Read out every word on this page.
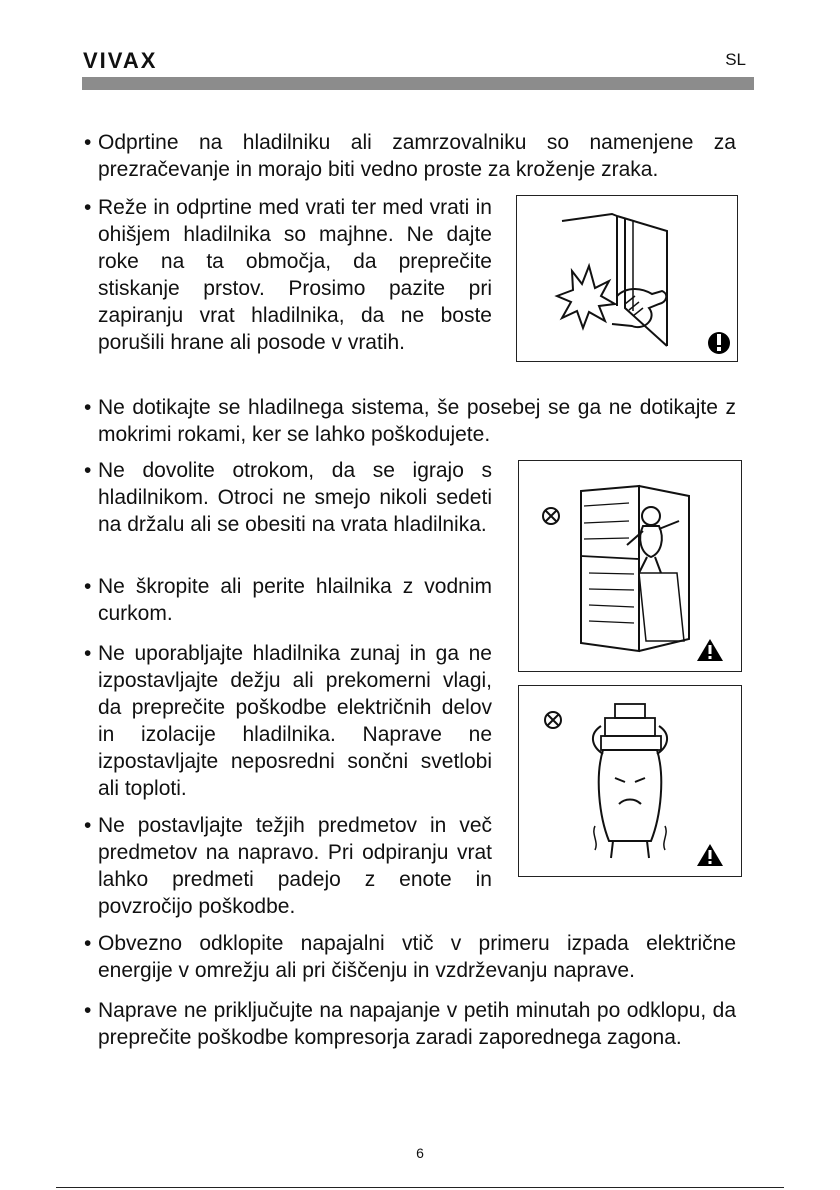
VIVAX	SL
• Odprtine na hladilniku ali zamrzovalniku so namenjene za prezračevanje in morajo biti vedno proste za kroženje zraka.

• Reže in odprtine med vrati ter med vrati in ohišjem hladilnika so majhne. Ne dajte roke na ta območja, da preprečite stiskanje prstov. Prosimo pazite pri zapiranju vrat hladilnika, da ne boste porušili hrane ali posode v vratih.

• Ne dotikajte se hladilnega sistema, še posebej se ga ne dotikajte z mokrimi rokami, ker se lahko poškodujete.

• Ne dovolite otrokom, da se igrajo s hladilnikom. Otroci ne smejo nikoli sedeti na držalu ali se obesiti na vrata hladilnika.

• Ne škropite ali perite hlailnika z vodnim curkom.

• Ne uporabljajte hladilnika zunaj in ga ne izpostavljajte dežju ali prekomerni vlagi, da preprečite poškodbe električnih delov in izolacije hladilnika. Naprave ne izpostavljajte neposredni sončni svetlobi ali toploti.

• Ne postavljajte težjih predmetov in več predmetov na napravo. Pri odpiranju vrat lahko predmeti padejo z enote in povzročijo poškodbe.

• Obvezno odklopite napajalni vtič v primeru izpada električne energije v omrežju ali pri čiščenju in vzdrževanju naprave.

• Naprave ne priključujte na napajanje v petih minutah po odklopu, da preprečite poškodbe kompresorja zaradi zaporednega zagona.

6
